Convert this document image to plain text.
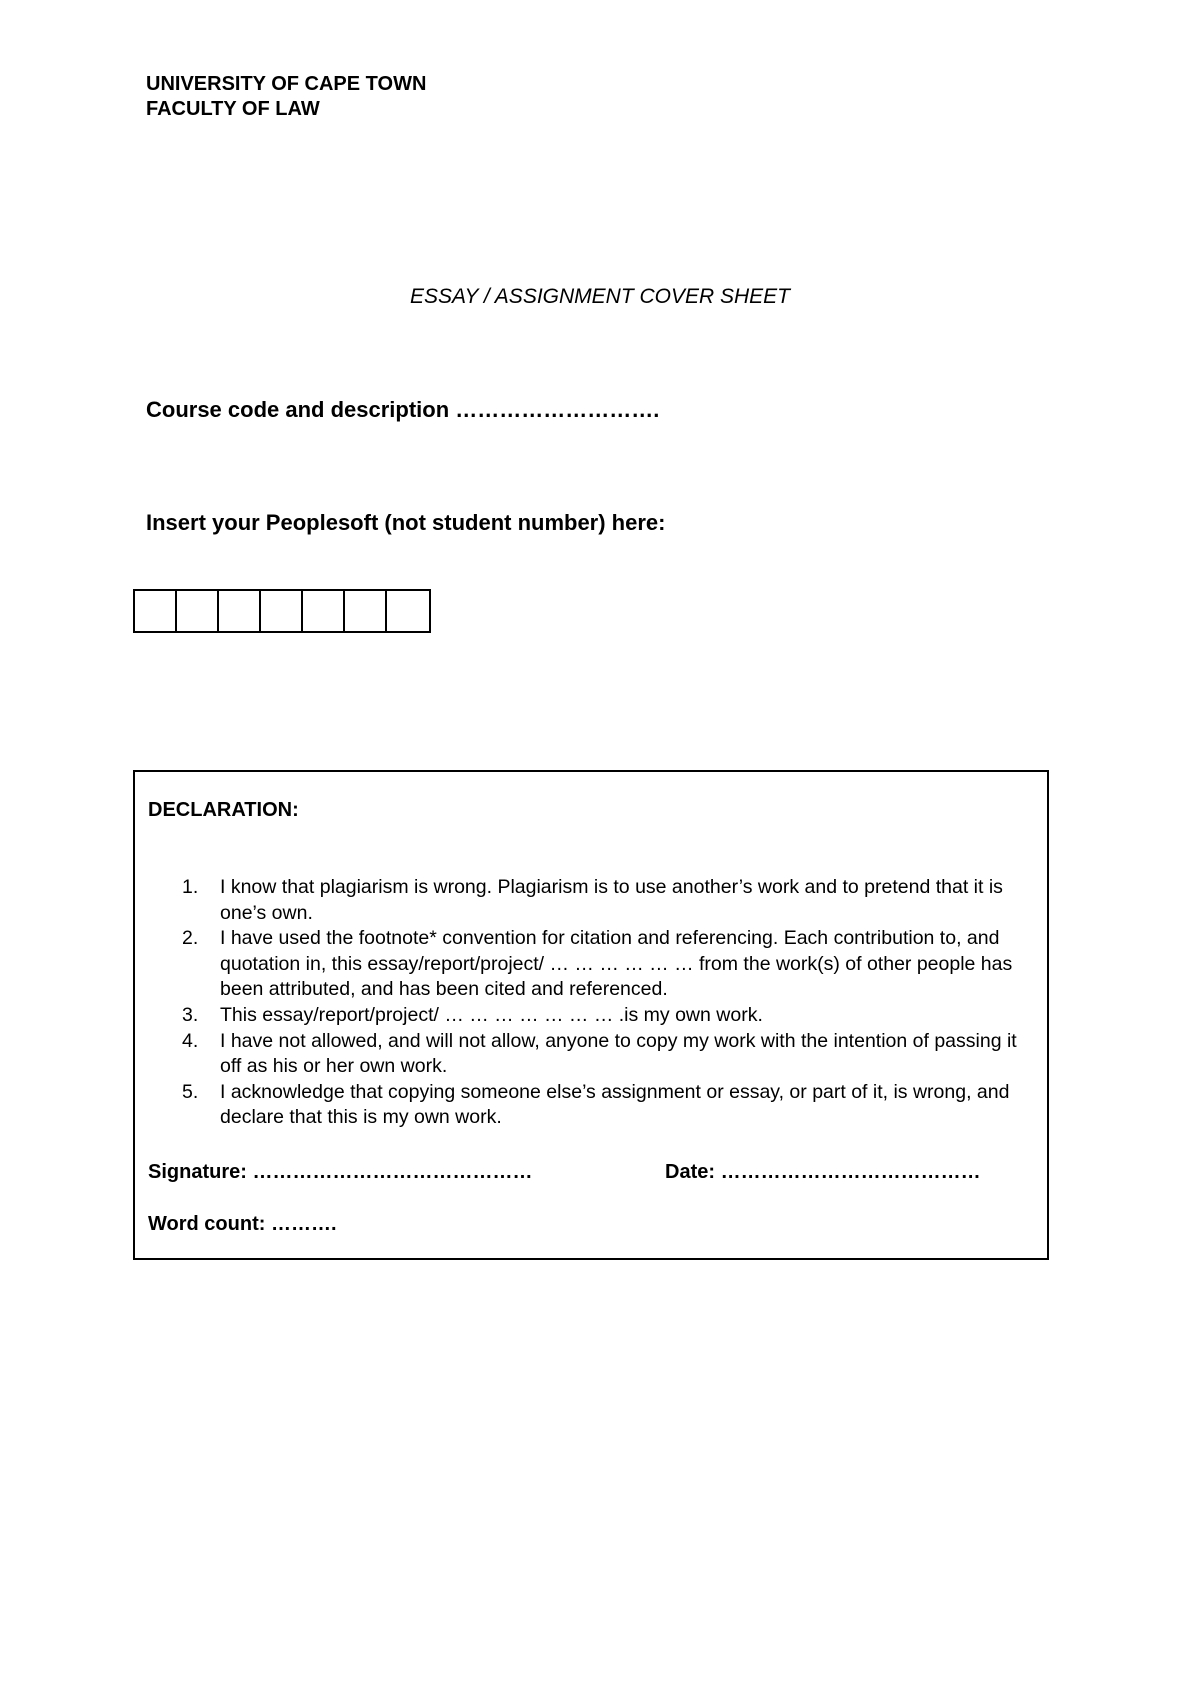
UNIVERSITY OF CAPE TOWN
FACULTY OF LAW
ESSAY / ASSIGNMENT COVER SHEET
Course code and description ……………………….
Insert your Peoplesoft (not student number) here:
DECLARATION:
1. I know that plagiarism is wrong. Plagiarism is to use another’s work and to pretend that it is one’s own.
2. I have used the footnote* convention for citation and referencing. Each contribution to, and quotation in, this essay/report/project/ … … … … … … from the work(s) of other people has been attributed, and has been cited and referenced.
3. This essay/report/project/ … … … … … … … .is my own work.
4. I have not allowed, and will not allow, anyone to copy my work with the intention of passing it off as his or her own work.
5. I acknowledge that copying someone else’s assignment or essay, or part of it, is wrong, and declare that this is my own work.
Signature: ……………………………………	Date: …………………………………
Word count: ……….
